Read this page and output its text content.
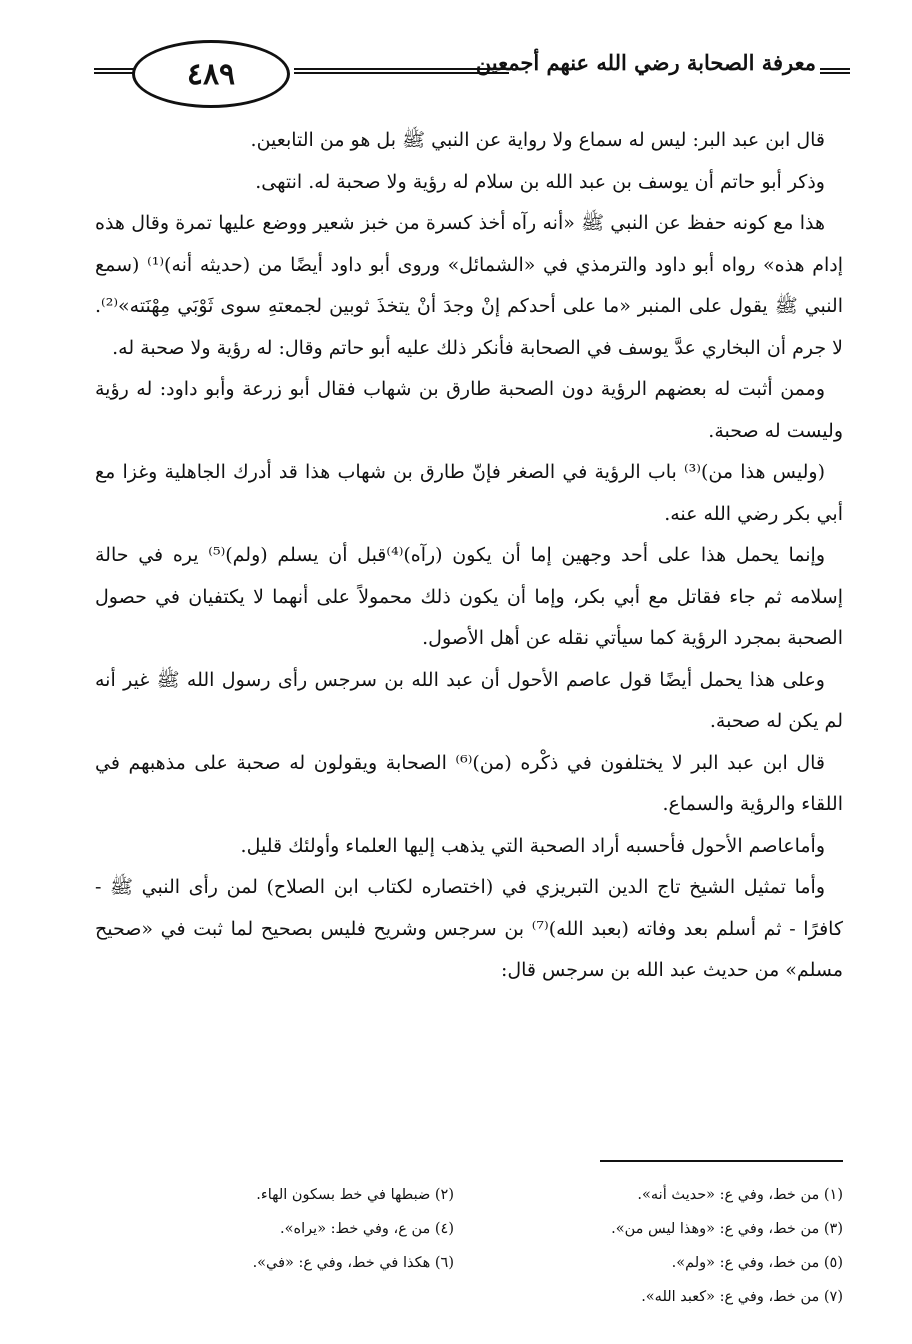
٤٨٩	معرفة الصحابة رضي الله عنهم أجمعين

قال ابن عبد البر: ليس له سماع ولا رواية عن النبي ﷺ بل هو من التابعين.

وذكر أبو حاتم أن يوسف بن عبد الله بن سلام له رؤية ولا صحبة له. انتهى.

هذا مع كونه حفظ عن النبي ﷺ «أنه رآه أخذ كسرة من خبز شعير ووضع عليها تمرة وقال هذه إدام هذه» رواه أبو داود والترمذي في «الشمائل» وروى أبو داود أيضًا من (حديثه أنه)⁽¹⁾ (سمع النبي ﷺ يقول على المنبر «ما على أحدكم إنْ وجدَ أنْ يتخذَ ثوبين لجمعتهِ سوى ثَوْبَي مِهْنَته»⁽²⁾. لا جرم أن البخاري عدَّ يوسف في الصحابة فأنكر ذلك عليه أبو حاتم وقال: له رؤية ولا صحبة له.

وممن أثبت له بعضهم الرؤية دون الصحبة طارق بن شهاب فقال أبو زرعة وأبو داود: له رؤية وليست له صحبة.

(وليس هذا من)⁽³⁾ باب الرؤية في الصغر فإنّ طارق بن شهاب هذا قد أدرك الجاهلية وغزا مع أبي بكر رضي الله عنه.

وإنما يحمل هذا على أحد وجهين إما أن يكون (رآه)⁽⁴⁾قبل أن يسلم (ولم)⁽⁵⁾ يره في حالة إسلامه ثم جاء فقاتل مع أبي بكر، وإما أن يكون ذلك محمولاً على أنهما لا يكتفيان في حصول الصحبة بمجرد الرؤية كما سيأتي نقله عن أهل الأصول.

وعلى هذا يحمل أيضًا قول عاصم الأحول أن عبد الله بن سرجس رأى رسول الله ﷺ غير أنه لم يكن له صحبة.

قال ابن عبد البر لا يختلفون في ذكْره (من)⁽⁶⁾ الصحابة ويقولون له صحبة على مذهبهم في اللقاء والرؤية والسماع.

وأماعاصم الأحول فأحسبه أراد الصحبة التي يذهب إليها العلماء وأولئك قليل.

وأما تمثيل الشيخ تاج الدين التبريزي في (اختصاره لكتاب ابن الصلاح) لمن رأى النبي ﷺ - كافرًا - ثم أسلم بعد وفاته (بعبد الله)⁽⁷⁾ بن سرجس وشريح فليس بصحيح لما ثبت في «صحيح مسلم» من حديث عبد الله بن سرجس قال:

(١) من خط، وفي ع: «حديث أنه».
(٢) ضبطها في خط بسكون الهاء.
(٣) من خط، وفي ع: «وهذا ليس من».
(٤) من ع، وفي خط: «يراه».
(٥) من خط، وفي ع: «ولم».
(٦) هكذا في خط، وفي ع: «في».
(٧) من خط، وفي ع: «كعبد الله».
